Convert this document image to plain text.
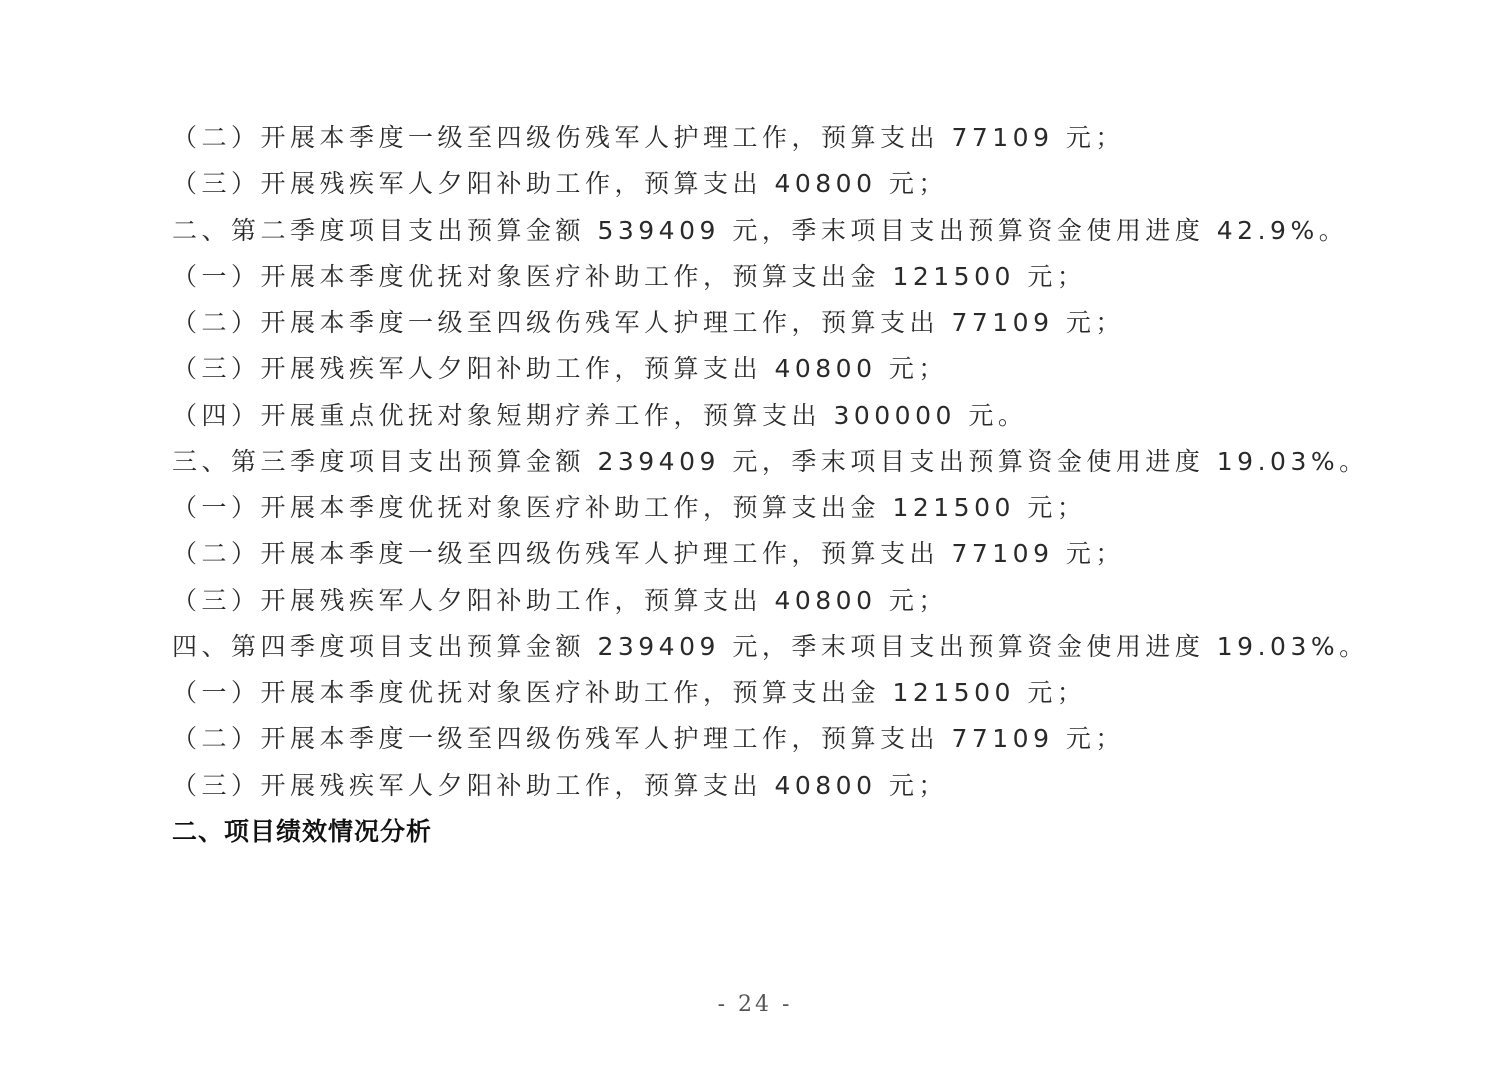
（二）开展本季度一级至四级伤残军人护理工作，预算支出 77109 元；
（三）开展残疾军人夕阳补助工作，预算支出 40800 元；
二、第二季度项目支出预算金额 539409 元，季末项目支出预算资金使用进度 42.9%。
（一）开展本季度优抚对象医疗补助工作，预算支出金 121500 元；
（二）开展本季度一级至四级伤残军人护理工作，预算支出 77109 元；
（三）开展残疾军人夕阳补助工作，预算支出 40800 元；
（四）开展重点优抚对象短期疗养工作，预算支出 300000 元。
三、第三季度项目支出预算金额 239409 元，季末项目支出预算资金使用进度 19.03%。
（一）开展本季度优抚对象医疗补助工作，预算支出金 121500 元；
（二）开展本季度一级至四级伤残军人护理工作，预算支出 77109 元；
（三）开展残疾军人夕阳补助工作，预算支出 40800 元；
四、第四季度项目支出预算金额 239409 元，季末项目支出预算资金使用进度 19.03%。
（一）开展本季度优抚对象医疗补助工作，预算支出金 121500 元；
（二）开展本季度一级至四级伤残军人护理工作，预算支出 77109 元；
（三）开展残疾军人夕阳补助工作，预算支出 40800 元；
二、项目绩效情况分析
- 24 -
